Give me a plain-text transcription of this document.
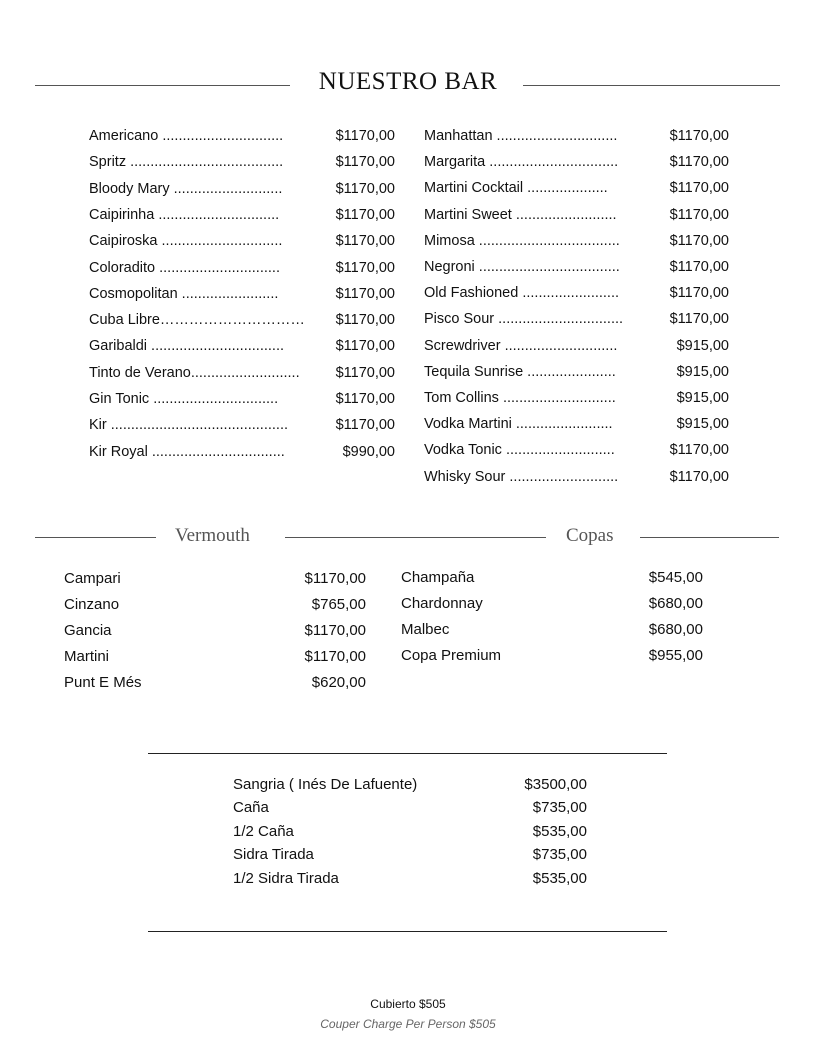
NUESTRO BAR
Americano ..............................	$1170,00
Spritz ......................................	$1170,00
Bloody Mary ...........................	$1170,00
Caipirinha ..............................	$1170,00
Caipiroska ..............................	$1170,00
Coloradito ..............................	$1170,00
Cosmopolitan ........................	$1170,00
Cuba Libre………………………… $1170,00
Garibaldi .................................	$1170,00
Tinto de Verano........................... $1170,00
Gin Tonic ...............................	$1170,00
Kir ............................................	$1170,00
Kir Royal .................................	$990,00
Manhattan ..............................	$1170,00
Margarita ................................	$1170,00
Martini Cocktail ....................	$1170,00
Martini Sweet .........................	$1170,00
Mimosa ...................................	$1170,00
Negroni ...................................	$1170,00
Old Fashioned ........................	$1170,00
Pisco Sour ...............................	$1170,00
Screwdriver ............................	$915,00
Tequila Sunrise ......................	$915,00
Tom Collins ............................	$915,00
Vodka Martini ........................	$915,00
Vodka Tonic ...........................	$1170,00
Whisky Sour ...........................	$1170,00
Vermouth	Copas
Campari	$1170,00
Cinzano	$765,00
Gancia	$1170,00
Martini	$1170,00
Punt E Més	$620,00
Champaña	$545,00
Chardonnay	$680,00
Malbec	$680,00
Copa Premium	$955,00
Sangria ( Inés De Lafuente)	$3500,00
Caña	$735,00
1/2 Caña	$535,00
Sidra Tirada	$735,00
1/2 Sidra Tirada	$535,00
Cubierto $505
Couper Charge Per Person $505
